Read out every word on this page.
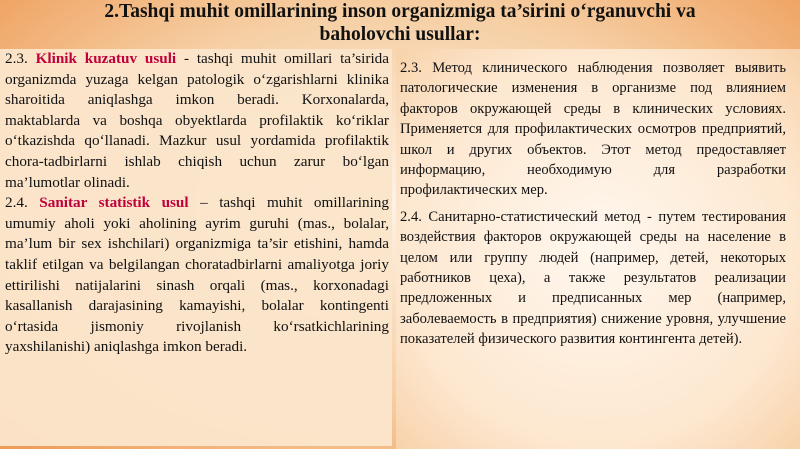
2.Tashqi muhit omillarining inson organizmiga ta’sirini o‘rganuvchi va
baholovchi usullar:

2.3. Klinik kuzatuv usuli - tashqi muhit omillari ta’sirida organizmda yuzaga kelgan patologik o‘zgarishlarni klinika sharoitida aniqlashga imkon beradi. Korxonalarda, maktablarda va boshqa obyektlarda profilaktik ko‘riklar o‘tkazishda qo‘llanadi. Mazkur usul yordamida profilaktik chora-tadbirlarni ishlab chiqish uchun zarur bo‘lgan ma’lumotlar olinadi.

2.4. Sanitar statistik usul – tashqi muhit omillarining umumiy aholi yoki aholining ayrim guruhi (mas., bolalar, ma’lum bir sex ishchilari) organizmiga ta’sir etishini, hamda taklif etilgan va belgilangan choratadbirlarni amaliyotga joriy ettirilishi natijalarini sinash orqali (mas., korxonadagi kasallanish darajasining kamayishi, bolalar kontingenti o‘rtasida jismoniy rivojlanish ko‘rsatkichlarining yaxshilanishi) aniqlashga imkon beradi.

2.3. Метод клинического наблюдения позволяет выявить патологические изменения в организме под влиянием факторов окружающей среды в клинических условиях. Применяется для профилактических осмотров предприятий, школ и других объектов. Этот метод предоставляет информацию, необходимую для разработки профилактических мер.

2.4. Санитарно-статистический метод - путем тестирования воздействия факторов окружающей среды на население в целом или группу людей (например, детей, некоторых работников цеха), а также результатов реализации предложенных и предписанных мер (например, заболеваемость в предприятия) снижение уровня, улучшение показателей физического развития контингента детей).
